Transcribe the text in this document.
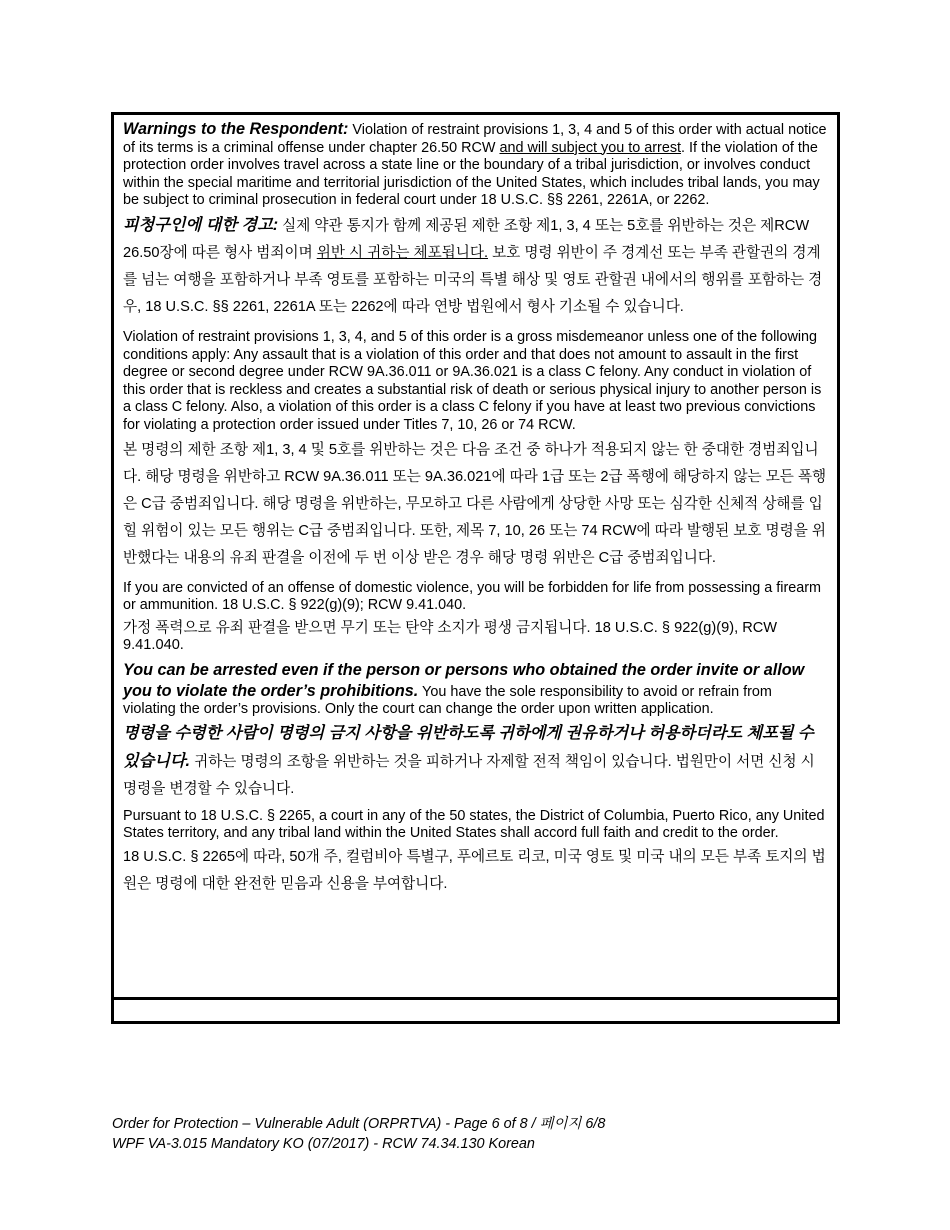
Warnings to the Respondent: Violation of restraint provisions 1, 3, 4 and 5 of this order with actual notice of its terms is a criminal offense under chapter 26.50 RCW and will subject you to arrest. If the violation of the protection order involves travel across a state line or the boundary of a tribal jurisdiction, or involves conduct within the special maritime and territorial jurisdiction of the United States, which includes tribal lands, you may be subject to criminal prosecution in federal court under 18 U.S.C. §§ 2261, 2261A, or 2262.

피청구인에 대한 경고: 실제 약관 통지가 함께 제공된 제한 조항 제1, 3, 4 또는 5호를 위반하는 것은 제RCW 26.50장에 따른 형사 범죄이며 위반 시 귀하는 체포됩니다. 보호 명령 위반이 주 경계선 또는 부족 관할권의 경계를 넘는 여행을 포함하거나 부족 영토를 포함하는 미국의 특별 해상 및 영토 관할권 내에서의 행위를 포함하는 경우, 18 U.S.C. §§ 2261, 2261A 또는 2262에 따라 연방 법원에서 형사 기소될 수 있습니다.

Violation of restraint provisions 1, 3, 4, and 5 of this order is a gross misdemeanor unless one of the following conditions apply: Any assault that is a violation of this order and that does not amount to assault in the first degree or second degree under RCW 9A.36.011 or 9A.36.021 is a class C felony. Any conduct in violation of this order that is reckless and creates a substantial risk of death or serious physical injury to another person is a class C felony. Also, a violation of this order is a class C felony if you have at least two previous convictions for violating a protection order issued under Titles 7, 10, 26 or 74 RCW.

본 명령의 제한 조항 제1, 3, 4 및 5호를 위반하는 것은 다음 조건 중 하나가 적용되지 않는 한 중대한 경범죄입니다. 해당 명령을 위반하고 RCW 9A.36.011 또는 9A.36.021에 따라 1급 또는 2급 폭행에 해당하지 않는 모든 폭행은 C급 중범죄입니다. 해당 명령을 위반하는, 무모하고 다른 사람에게 상당한 사망 또는 심각한 신체적 상해를 입힐 위험이 있는 모든 행위는 C급 중범죄입니다. 또한, 제목 7, 10, 26 또는 74 RCW에 따라 발행된 보호 명령을 위반했다는 내용의 유죄 판결을 이전에 두 번 이상 받은 경우 해당 명령 위반은 C급 중범죄입니다.

If you are convicted of an offense of domestic violence, you will be forbidden for life from possessing a firearm or ammunition. 18 U.S.C. § 922(g)(9); RCW 9.41.040.

가정 폭력으로 유죄 판결을 받으면 무기 또는 탄약 소지가 평생 금지됩니다. 18 U.S.C. § 922(g)(9), RCW 9.41.040.

You can be arrested even if the person or persons who obtained the order invite or allow you to violate the order’s prohibitions. You have the sole responsibility to avoid or refrain from violating the order’s provisions. Only the court can change the order upon written application.

명령을 수령한 사람이 명령의 금지 사항을 위반하도록 귀하에게 권유하거나 허용하더라도 체포될 수 있습니다. 귀하는 명령의 조항을 위반하는 것을 피하거나 자제할 전적 책임이 있습니다. 법원만이 서면 신청 시 명령을 변경할 수 있습니다.

Pursuant to 18 U.S.C. § 2265, a court in any of the 50 states, the District of Columbia, Puerto Rico, any United States territory, and any tribal land within the United States shall accord full faith and credit to the order.

18 U.S.C. § 2265에 따라, 50개 주, 컬럼비아 특별구, 푸에르토 리코, 미국 영토 및 미국 내의 모든 부족 토지의 법원은 명령에 대한 완전한 믿음과 신용을 부여합니다.

Order for Protection – Vulnerable Adult (ORPRTVA) - Page 6 of 8 / 페이지 6/8
WPF VA-3.015 Mandatory KO (07/2017) - RCW 74.34.130 Korean
